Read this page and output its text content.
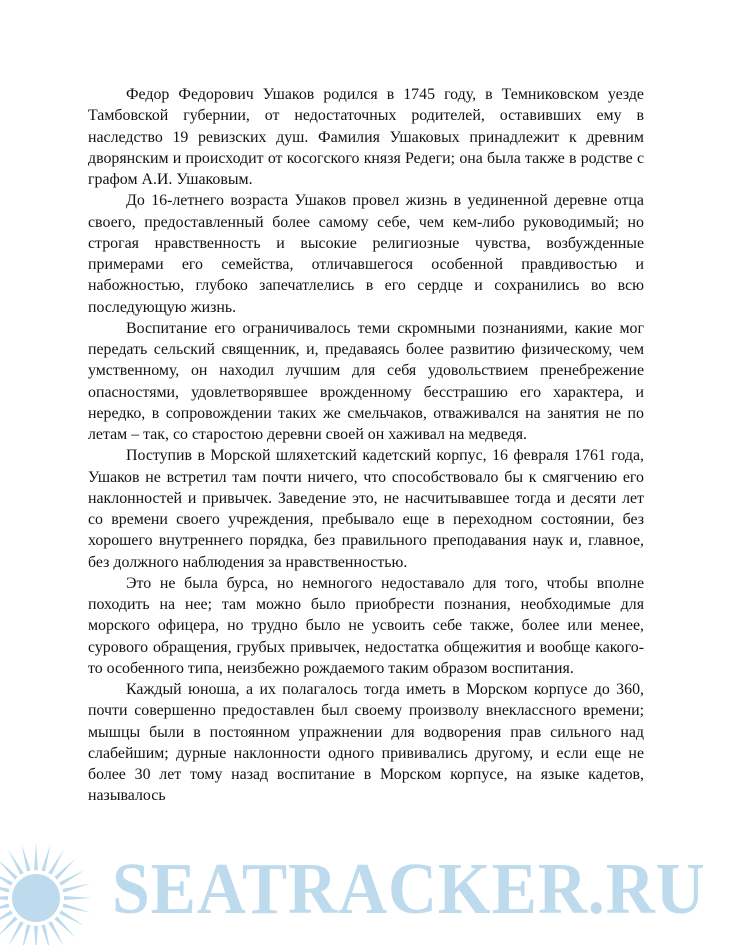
Федор Федорович Ушаков родился в 1745 году, в Темниковском уезде Тамбовской губернии, от недостаточных родителей, оставивших ему в наследство 19 ревизских душ. Фамилия Ушаковых принадлежит к древним дворянским и происходит от косогского князя Редеги; она была также в родстве с графом А.И. Ушаковым.

До 16-летнего возраста Ушаков провел жизнь в уединенной деревне отца своего, предоставленный более самому себе, чем кем-либо руководимый; но строгая нравственность и высокие религиозные чувства, возбужденные примерами его семейства, отличавшегося особенной правдивостью и набожностью, глубоко запечатлелись в его сердце и сохранились во всю последующую жизнь.

Воспитание его ограничивалось теми скромными познаниями, какие мог передать сельский священник, и, предаваясь более развитию физическому, чем умственному, он находил лучшим для себя удовольствием пренебрежение опасностями, удовлетворявшее врожденному бесстрашию его характера, и нередко, в сопровождении таких же смельчаков, отваживался на занятия не по летам – так, со старостою деревни своей он хаживал на медведя.

Поступив в Морской шляхетский кадетский корпус, 16 февраля 1761 года, Ушаков не встретил там почти ничего, что способствовало бы к смягчению его наклонностей и привычек. Заведение это, не насчитывавшее тогда и десяти лет со времени своего учреждения, пребывало еще в переходном состоянии, без хорошего внутреннего порядка, без правильного преподавания наук и, главное, без должного наблюдения за нравственностью.

Это не была бурса, но немногого недоставало для того, чтобы вполне походить на нее; там можно было приобрести познания, необходимые для морского офицера, но трудно было не усвоить себе также, более или менее, сурового обращения, грубых привычек, недостатка общежития и вообще какого-то особенного типа, неизбежно рождаемого таким образом воспитания.

Каждый юноша, а их полагалось тогда иметь в Морском корпусе до 360, почти совершенно предоставлен был своему произволу внеклассного времени; мышцы были в постоянном упражнении для водворения прав сильного над слабейшим; дурные наклонности одного прививались другому, и если еще не более 30 лет тому назад воспитание в Морском корпусе, на языке кадетов, называлось

SEATRACKER.RU
